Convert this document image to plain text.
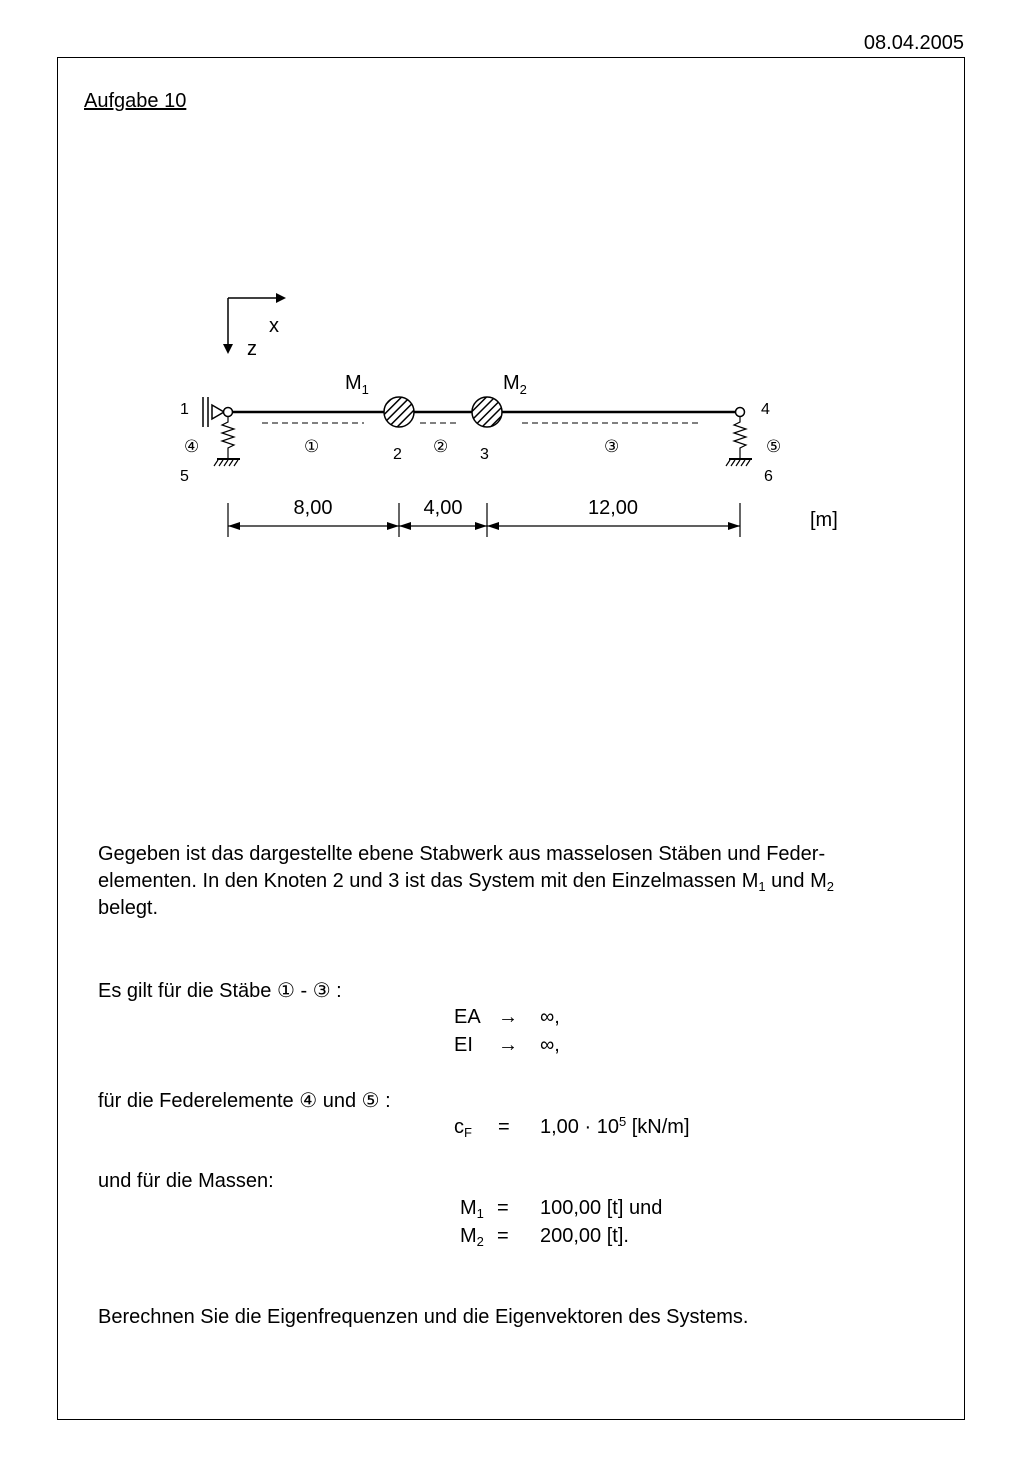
08.04.2005
Aufgabe 10
x
z
$M_1$	$M_2$
1
2	3
4
5	6
①	②	③
④	⑤
8,00	4,00	12,00
[m]
Gegeben ist das dargestellte ebene Stabwerk aus masselosen Stäben und Feder-
elementen. In den Knoten 2 und 3 ist das System mit den Einzelmassen $M_1$ und $M_2$
belegt.
Es gilt für die Stäbe ① - ③ :
EA → ∞,
EI → ∞,
für die Federelemente ④ und ⑤ :
$c_F = 1,00 \cdot 10^5$ [kN/m]
und für die Massen:
$M_1 = 100,00$ [t] und
$M_2 = 200,00$ [t].
Berechnen Sie die Eigenfrequenzen und die Eigenvektoren des Systems.
